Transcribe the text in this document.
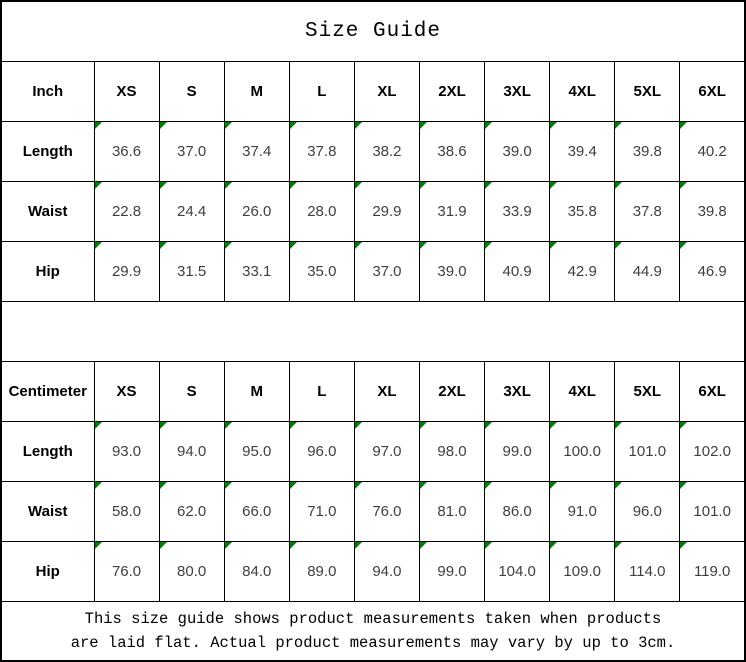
Size Guide										
Inch	XS	S	M	L	XL	2XL	3XL	4XL	5XL	6XL
Length	36.6	37.0	37.4	37.8	38.2	38.6	39.0	39.4	39.8	40.2
Waist	22.8	24.4	26.0	28.0	29.9	31.9	33.9	35.8	37.8	39.8
Hip	29.9	31.5	33.1	35.0	37.0	39.0	40.9	42.9	44.9	46.9

Centimeter	XS	S	M	L	XL	2XL	3XL	4XL	5XL	6XL
Length	93.0	94.0	95.0	96.0	97.0	98.0	99.0	100.0	101.0	102.0
Waist	58.0	62.0	66.0	71.0	76.0	81.0	86.0	91.0	96.0	101.0
Hip	76.0	80.0	84.0	89.0	94.0	99.0	104.0	109.0	114.0	119.0

This size guide shows product measurements taken when products
are laid flat. Actual product measurements may vary by up to 3cm.										
